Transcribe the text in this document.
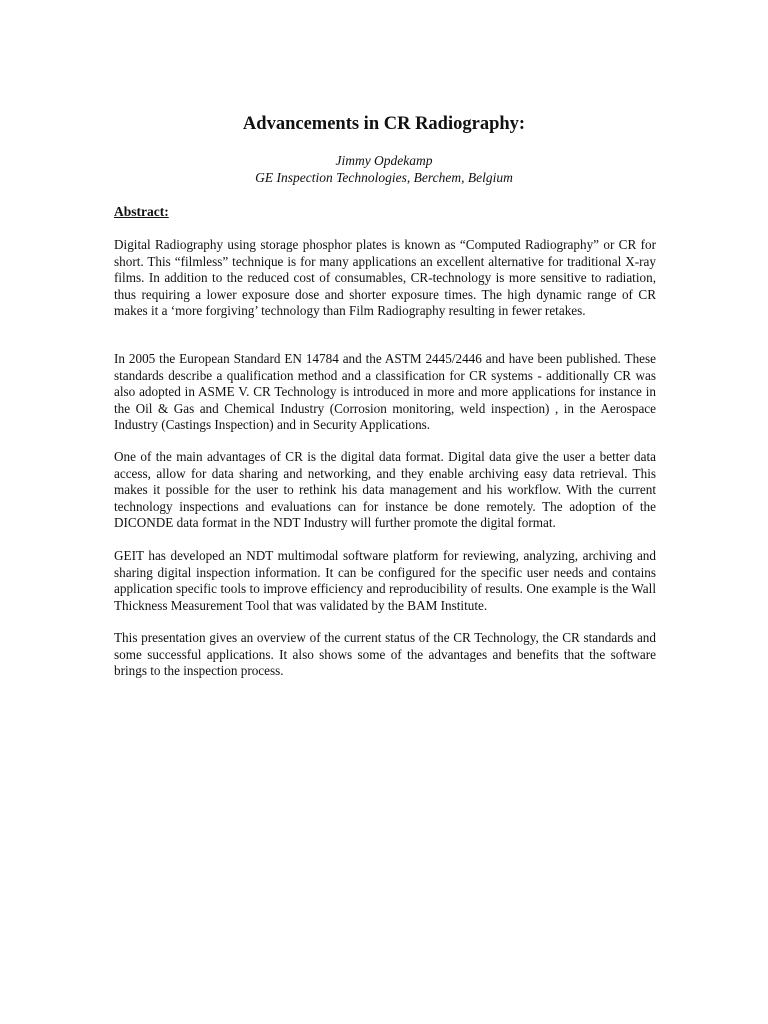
Advancements in CR Radiography:
Jimmy Opdekamp
GE Inspection Technologies, Berchem, Belgium
Abstract:

Digital Radiography using storage phosphor plates is known as “Computed Radiography” or CR for short. This “filmless” technique is for many applications an excellent alternative for traditional X-ray films. In addition to the reduced cost of consumables, CR-technology is more sensitive to radiation, thus requiring a lower exposure dose and shorter exposure times. The high dynamic range of CR makes it a ‘more forgiving’ technology than Film Radiography resulting in fewer retakes.

In 2005 the European Standard EN 14784 and the ASTM 2445/2446 and have been published. These standards describe a qualification method and a classification for CR systems - additionally CR was also adopted in ASME V. CR Technology is introduced in more and more applications for instance in the Oil & Gas and Chemical Industry (Corrosion monitoring, weld inspection) , in the Aerospace Industry (Castings Inspection) and in Security Applications.

One of the main advantages of CR is the digital data format. Digital data give the user a better data access, allow for data sharing and networking, and they enable archiving easy data retrieval. This makes it possible for the user to rethink his data management and his workflow. With the current technology inspections and evaluations can for instance be done remotely. The adoption of the DICONDE data format in the NDT Industry will further promote the digital format.

GEIT has developed an NDT multimodal software platform for reviewing, analyzing, archiving and sharing digital inspection information. It can be configured for the specific user needs and contains application specific tools to improve efficiency and reproducibility of results. One example is the Wall Thickness Measurement Tool that was validated by the BAM Institute.

This presentation gives an overview of the current status of the CR Technology, the CR standards and some successful applications. It also shows some of the advantages and benefits that the software brings to the inspection process.
